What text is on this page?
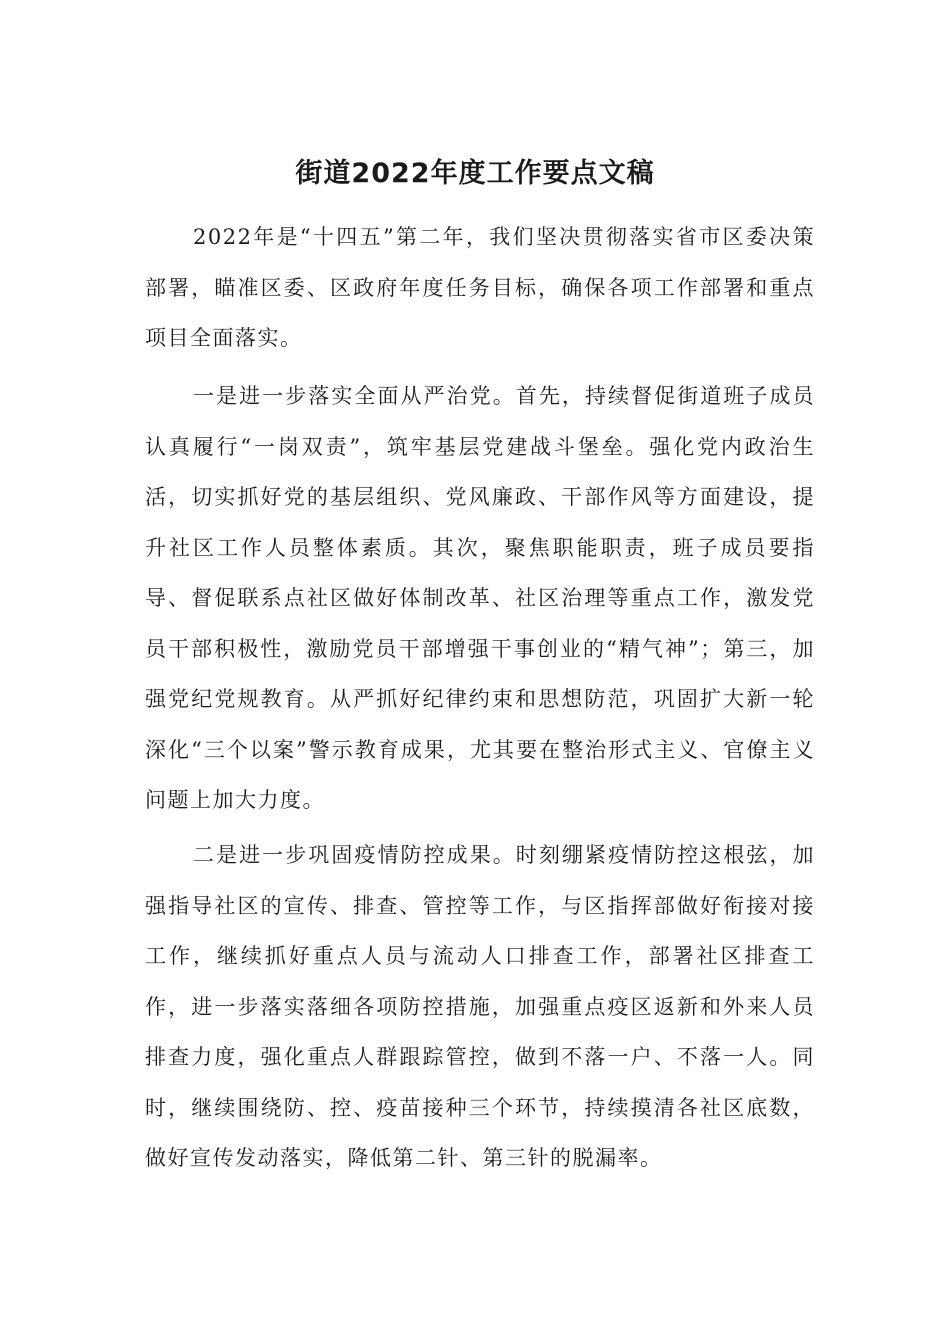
街道2022年度工作要点文稿

2022年是“十四五”第二年，我们坚决贯彻落实省市区委决策部署，瞄准区委、区政府年度任务目标，确保各项工作部署和重点项目全面落实。

一是进一步落实全面从严治党。首先，持续督促街道班子成员认真履行“一岗双责”，筑牢基层党建战斗堡垒。强化党内政治生活，切实抓好党的基层组织、党风廉政、干部作风等方面建设，提升社区工作人员整体素质。其次，聚焦职能职责，班子成员要指导、督促联系点社区做好体制改革、社区治理等重点工作，激发党员干部积极性，激励党员干部增强干事创业的“精气神”；第三，加强党纪党规教育。从严抓好纪律约束和思想防范，巩固扩大新一轮深化“三个以案”警示教育成果，尤其要在整治形式主义、官僚主义问题上加大力度。

二是进一步巩固疫情防控成果。时刻绷紧疫情防控这根弦，加强指导社区的宣传、排查、管控等工作，与区指挥部做好衔接对接工作，继续抓好重点人员与流动人口排查工作，部署社区排查工作，进一步落实落细各项防控措施，加强重点疫区返新和外来人员排查力度，强化重点人群跟踪管控，做到不落一户、不落一人。同时，继续围绕防、控、疫苗接种三个环节，持续摸清各社区底数，做好宣传发动落实，降低第二针、第三针的脱漏率。
